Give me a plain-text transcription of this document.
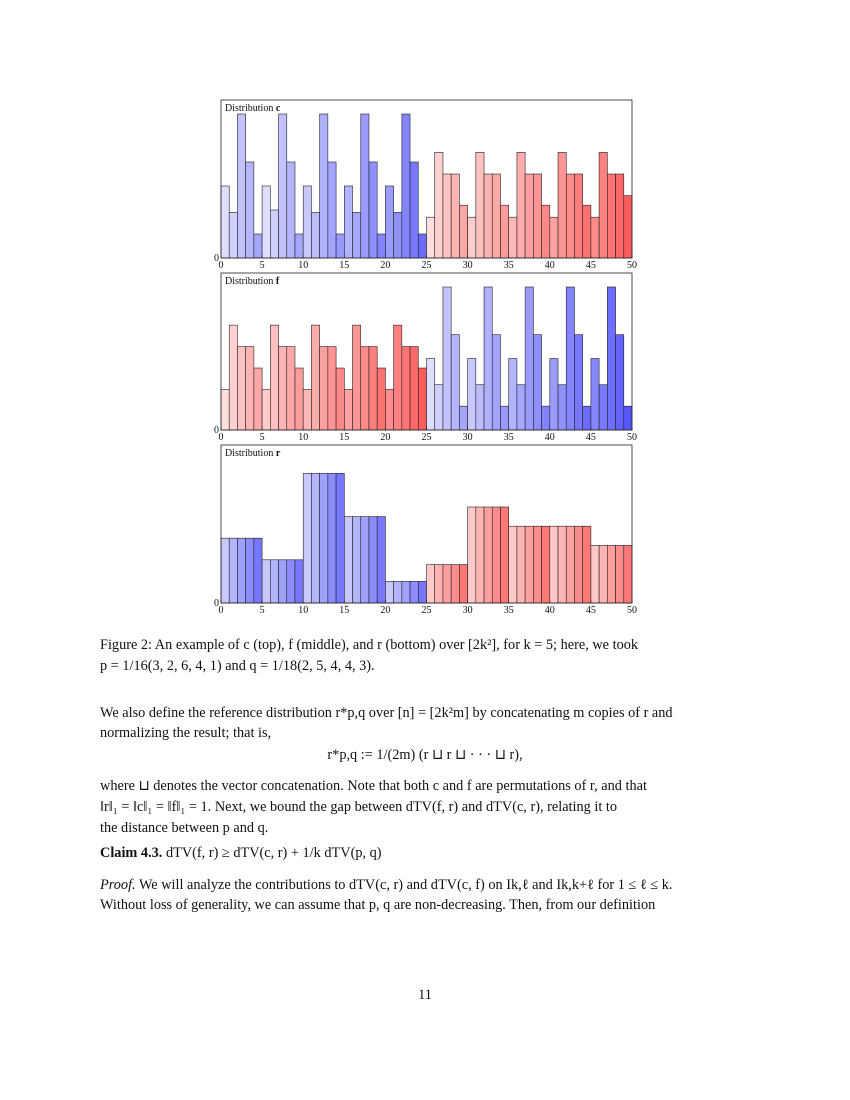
0	5	10	15	20	25	30	35	40	45	50
0
Distribution c
0	5	10	15	20	25	30	35	40	45	50
0
Distribution f
0	5	10	15	20	25	30	35	40	45	50
0
Distribution r
Figure 2: An example of c (top), f (middle), and r (bottom) over [2k²], for k = 5; here, we took
p = 1/16(3, 2, 6, 4, 1) and q = 1/18(2, 5, 4, 4, 3).
We also define the reference distribution r*p,q over [n] = [2k²m] by concatenating m copies of r and
normalizing the result; that is,
r*p,q := 1/(2m) (r ⊔ r ⊔ · · · ⊔ r),
where ⊔ denotes the vector concatenation. Note that both c and f are permutations of r, and that
‖r‖₁ = ‖c‖₁ = ‖f‖₁ = 1. Next, we bound the gap between dTV(f, r) and dTV(c, r), relating it to
the distance between p and q.
Claim 4.3. dTV(f, r) ≥ dTV(c, r) + 1/k dTV(p, q)
Proof. We will analyze the contributions to dTV(c, r) and dTV(c, f) on Ik,ℓ and Ik,k+ℓ for 1 ≤ ℓ ≤ k.
Without loss of generality, we can assume that p, q are non-decreasing. Then, from our definition
11
